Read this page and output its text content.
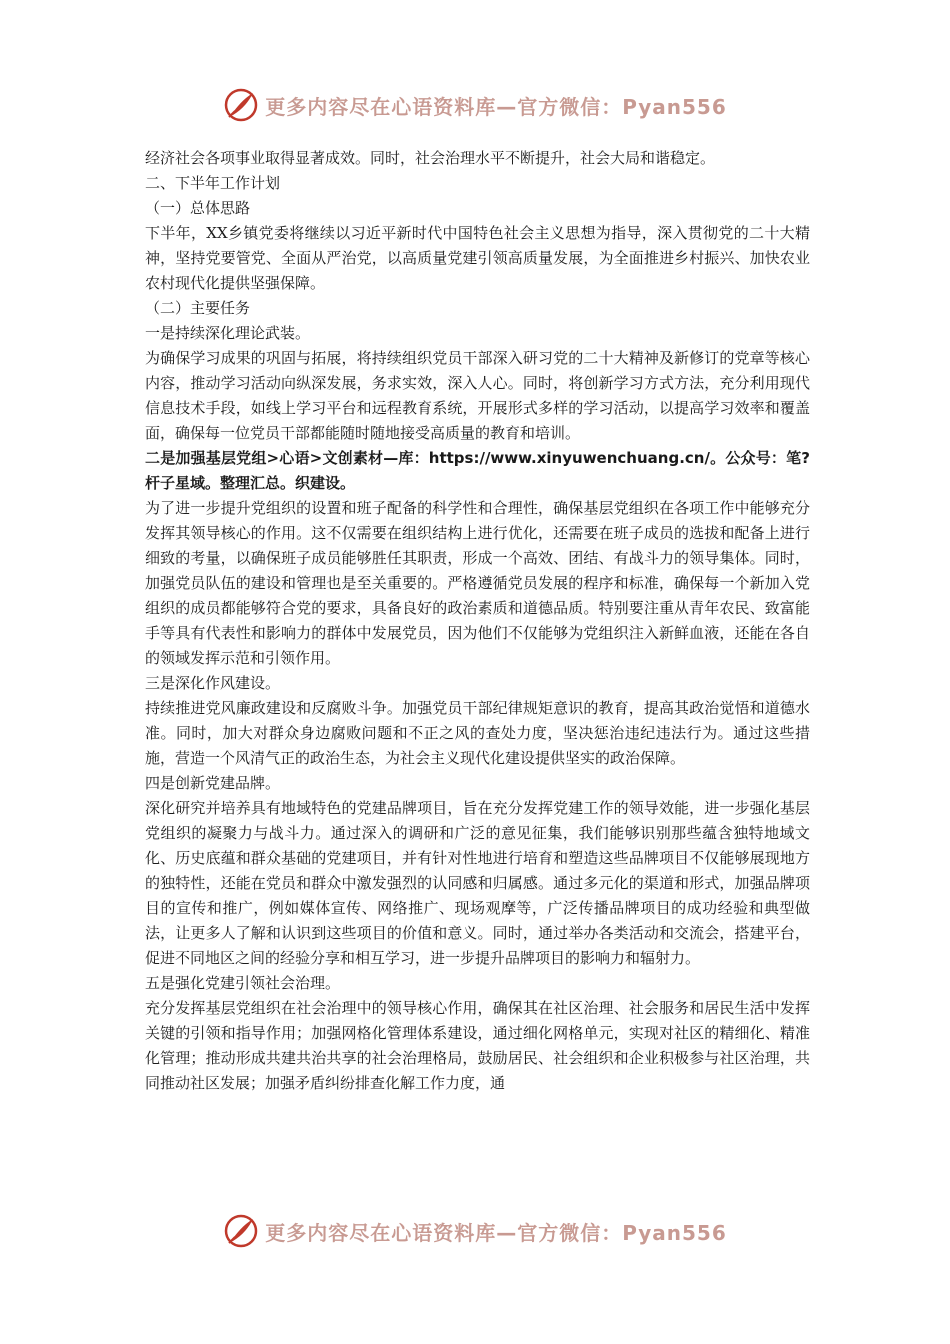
更多内容尽在心语资料库—官方微信：Pyan556

经济社会各项事业取得显著成效。同时，社会治理水平不断提升，社会大局和谐稳定。

二、下半年工作计划

（一）总体思路

下半年，XX乡镇党委将继续以习近平新时代中国特色社会主义思想为指导，深入贯彻党的二十大精神，坚持党要管党、全面从严治党，以高质量党建引领高质量发展，为全面推进乡村振兴、加快农业农村现代化提供坚强保障。

（二）主要任务

一是持续深化理论武装。

为确保学习成果的巩固与拓展，将持续组织党员干部深入研习党的二十大精神及新修订的党章等核心内容，推动学习活动向纵深发展，务求实效，深入人心。同时，将创新学习方式方法，充分利用现代信息技术手段，如线上学习平台和远程教育系统，开展形式多样的学习活动，以提高学习效率和覆盖面，确保每一位党员干部都能随时随地接受高质量的教育和培训。

二是加强基层党组>心语>文创素材—库：https://www.xinyuwenchuang.cn/。公众号：笔?杆子星域。整理汇总。织建设。

为了进一步提升党组织的设置和班子配备的科学性和合理性，确保基层党组织在各项工作中能够充分发挥其领导核心的作用。这不仅需要在组织结构上进行优化，还需要在班子成员的选拔和配备上进行细致的考量，以确保班子成员能够胜任其职责，形成一个高效、团结、有战斗力的领导集体。同时，加强党员队伍的建设和管理也是至关重要的。严格遵循党员发展的程序和标准，确保每一个新加入党组织的成员都能够符合党的要求，具备良好的政治素质和道德品质。特别要注重从青年农民、致富能手等具有代表性和影响力的群体中发展党员，因为他们不仅能够为党组织注入新鲜血液，还能在各自的领域发挥示范和引领作用。

三是深化作风建设。

持续推进党风廉政建设和反腐败斗争。加强党员干部纪律规矩意识的教育，提高其政治觉悟和道德水准。同时，加大对群众身边腐败问题和不正之风的查处力度，坚决惩治违纪违法行为。通过这些措施，营造一个风清气正的政治生态，为社会主义现代化建设提供坚实的政治保障。

四是创新党建品牌。

深化研究并培养具有地域特色的党建品牌项目，旨在充分发挥党建工作的领导效能，进一步强化基层党组织的凝聚力与战斗力。通过深入的调研和广泛的意见征集，我们能够识别那些蕴含独特地域文化、历史底蕴和群众基础的党建项目，并有针对性地进行培育和塑造这些品牌项目不仅能够展现地方的独特性，还能在党员和群众中激发强烈的认同感和归属感。通过多元化的渠道和形式，加强品牌项目的宣传和推广，例如媒体宣传、网络推广、现场观摩等，广泛传播品牌项目的成功经验和典型做法，让更多人了解和认识到这些项目的价值和意义。同时，通过举办各类活动和交流会，搭建平台，促进不同地区之间的经验分享和相互学习，进一步提升品牌项目的影响力和辐射力。

五是强化党建引领社会治理。

充分发挥基层党组织在社会治理中的领导核心作用，确保其在社区治理、社会服务和居民生活中发挥关键的引领和指导作用；加强网格化管理体系建设，通过细化网格单元，实现对社区的精细化、精准化管理；推动形成共建共治共享的社会治理格局，鼓励居民、社会组织和企业积极参与社区治理，共同推动社区发展；加强矛盾纠纷排查化解工作力度，通

更多内容尽在心语资料库—官方微信：Pyan556
